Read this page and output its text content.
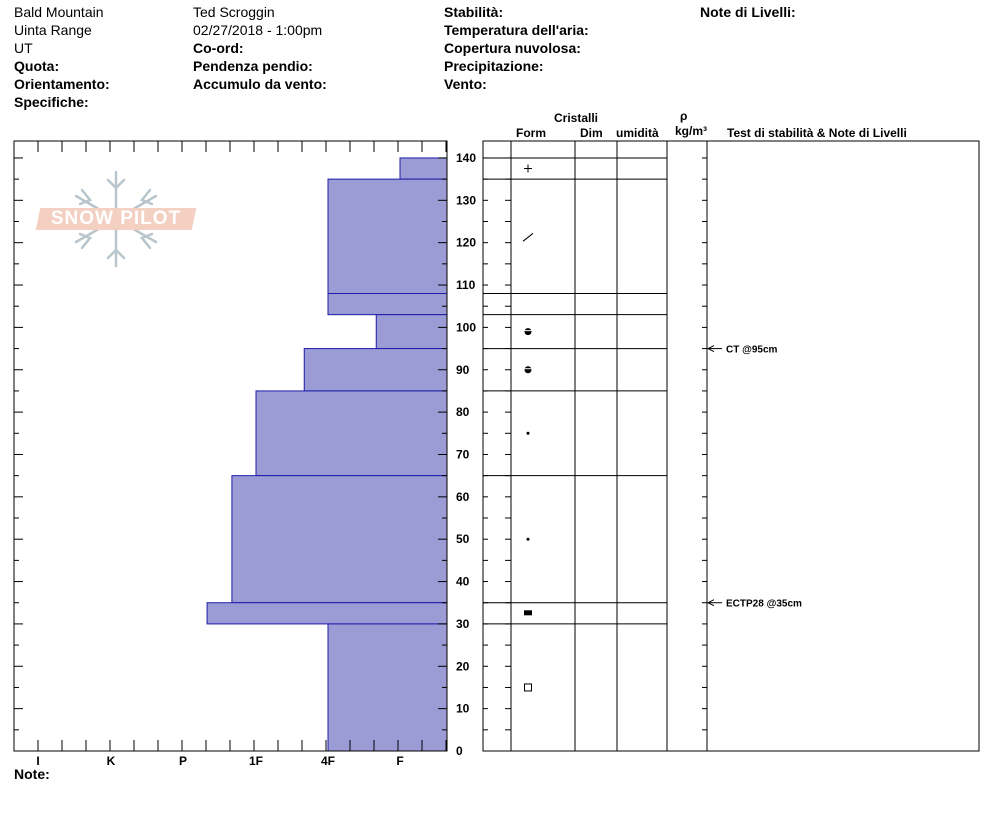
Bald Mountain
Uinta Range
UT
Quota:
Orientamento:
Specifiche:
Ted Scroggin
02/27/2018 - 1:00pm
Co-ord:
Pendenza pendio:
Accumulo da vento:
Stabilità:
Temperatura dell'aria:
Copertura nuvolosa:
Precipitazione:
Vento:
Note di Livelli:
Cristalli
Form	Dim umidità
ρ
kg/m³ Test di stabilità & Note di Livelli
Note:
SNOW PILOT
0
10
20
30
40
50
60
70
80
90
100
110
120
130
140
I	K	P	1F	4F	F
CT @95cm
ECTP28 @35cm
